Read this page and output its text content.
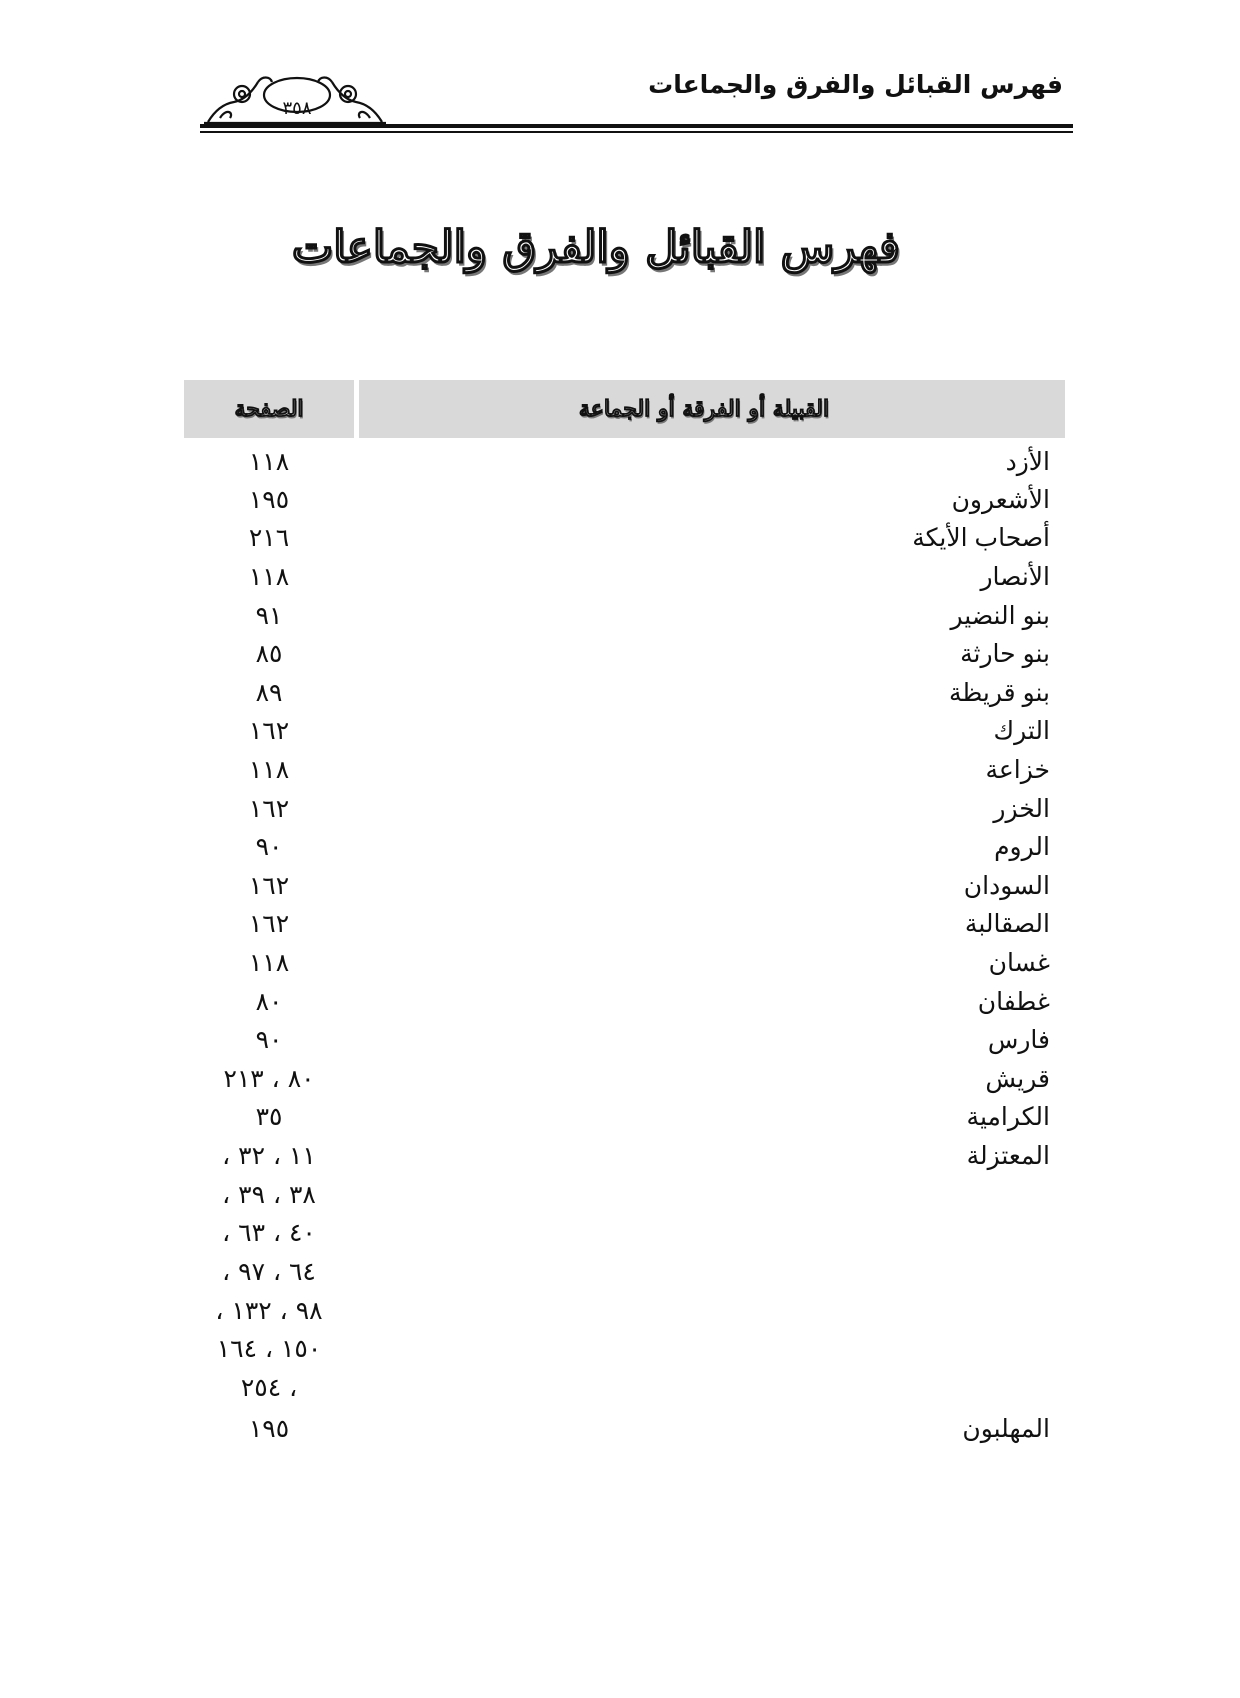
فهرس القبائل والفرق والجماعات
٣٥٨
فهرس القبائل والفرق والجماعات
القبيلة أو الفرقة أو الجماعة
الصفحة
الأزد
١١٨
الأشعرون
١٩٥
أصحاب الأيكة
٢١٦
الأنصار
١١٨
بنو النضير
٩١
بنو حارثة
٨٥
بنو قريظة
٨٩
الترك
١٦٢
خزاعة
١١٨
الخزر
١٦٢
الروم
٩٠
السودان
١٦٢
الصقالبة
١٦٢
غسان
١١٨
غطفان
٨٠
فارس
٩٠
قريش
٨٠ ، ٢١٣
الكرامية
٣٥
المعتزلة
١١ ، ٣٢ ،
٣٨ ، ٣٩ ،
٤٠ ، ٦٣ ،
٦٤ ، ٩٧ ،
٩٨ ، ١٣٢ ،
١٥٠ ، ١٦٤
، ٢٥٤
المهلبون
١٩٥
